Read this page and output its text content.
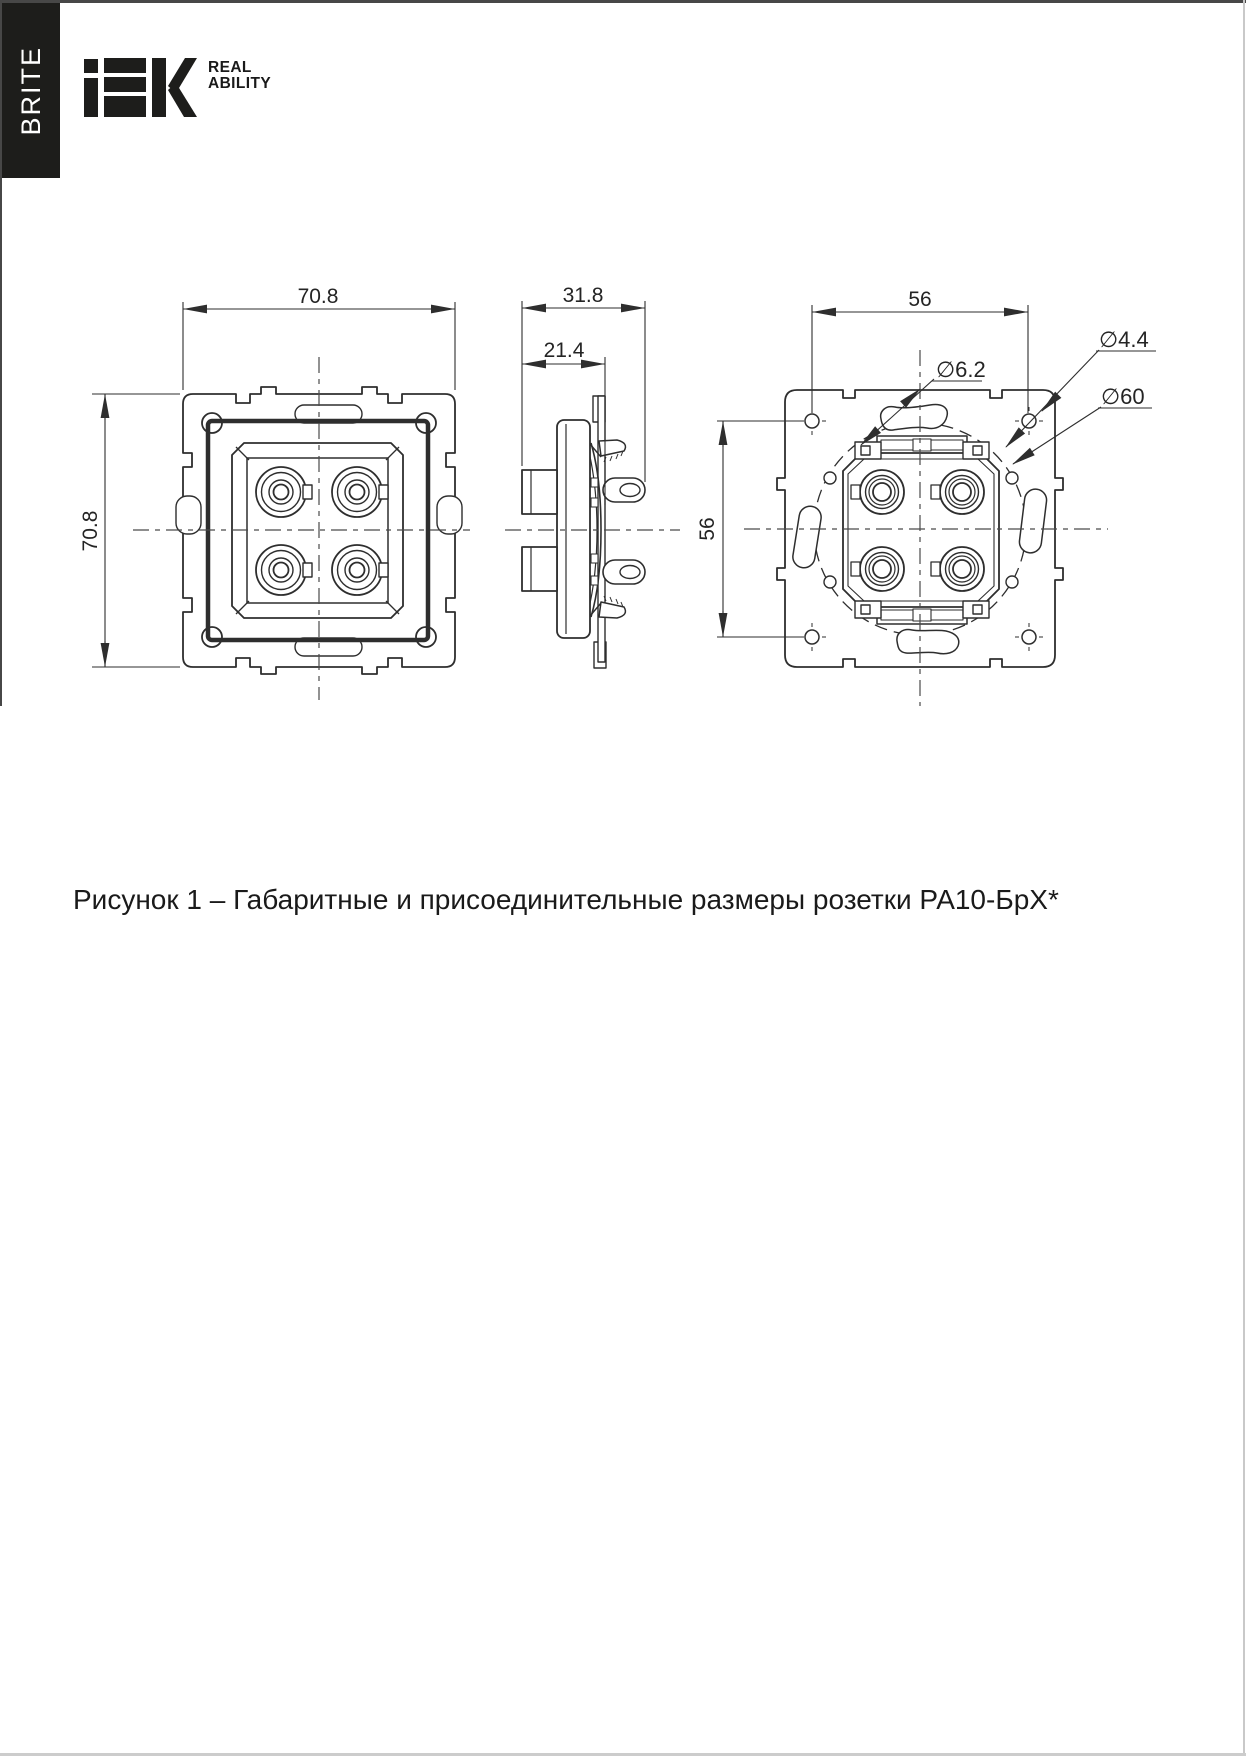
BRITE	REAL
ABILITY
70.8
70.8
31.8
21.4
56
56
∅6.2
∅4.4
∅60
Рисунок 1 – Габаритные и присоединительные размеры розетки РА10-БрХ*
